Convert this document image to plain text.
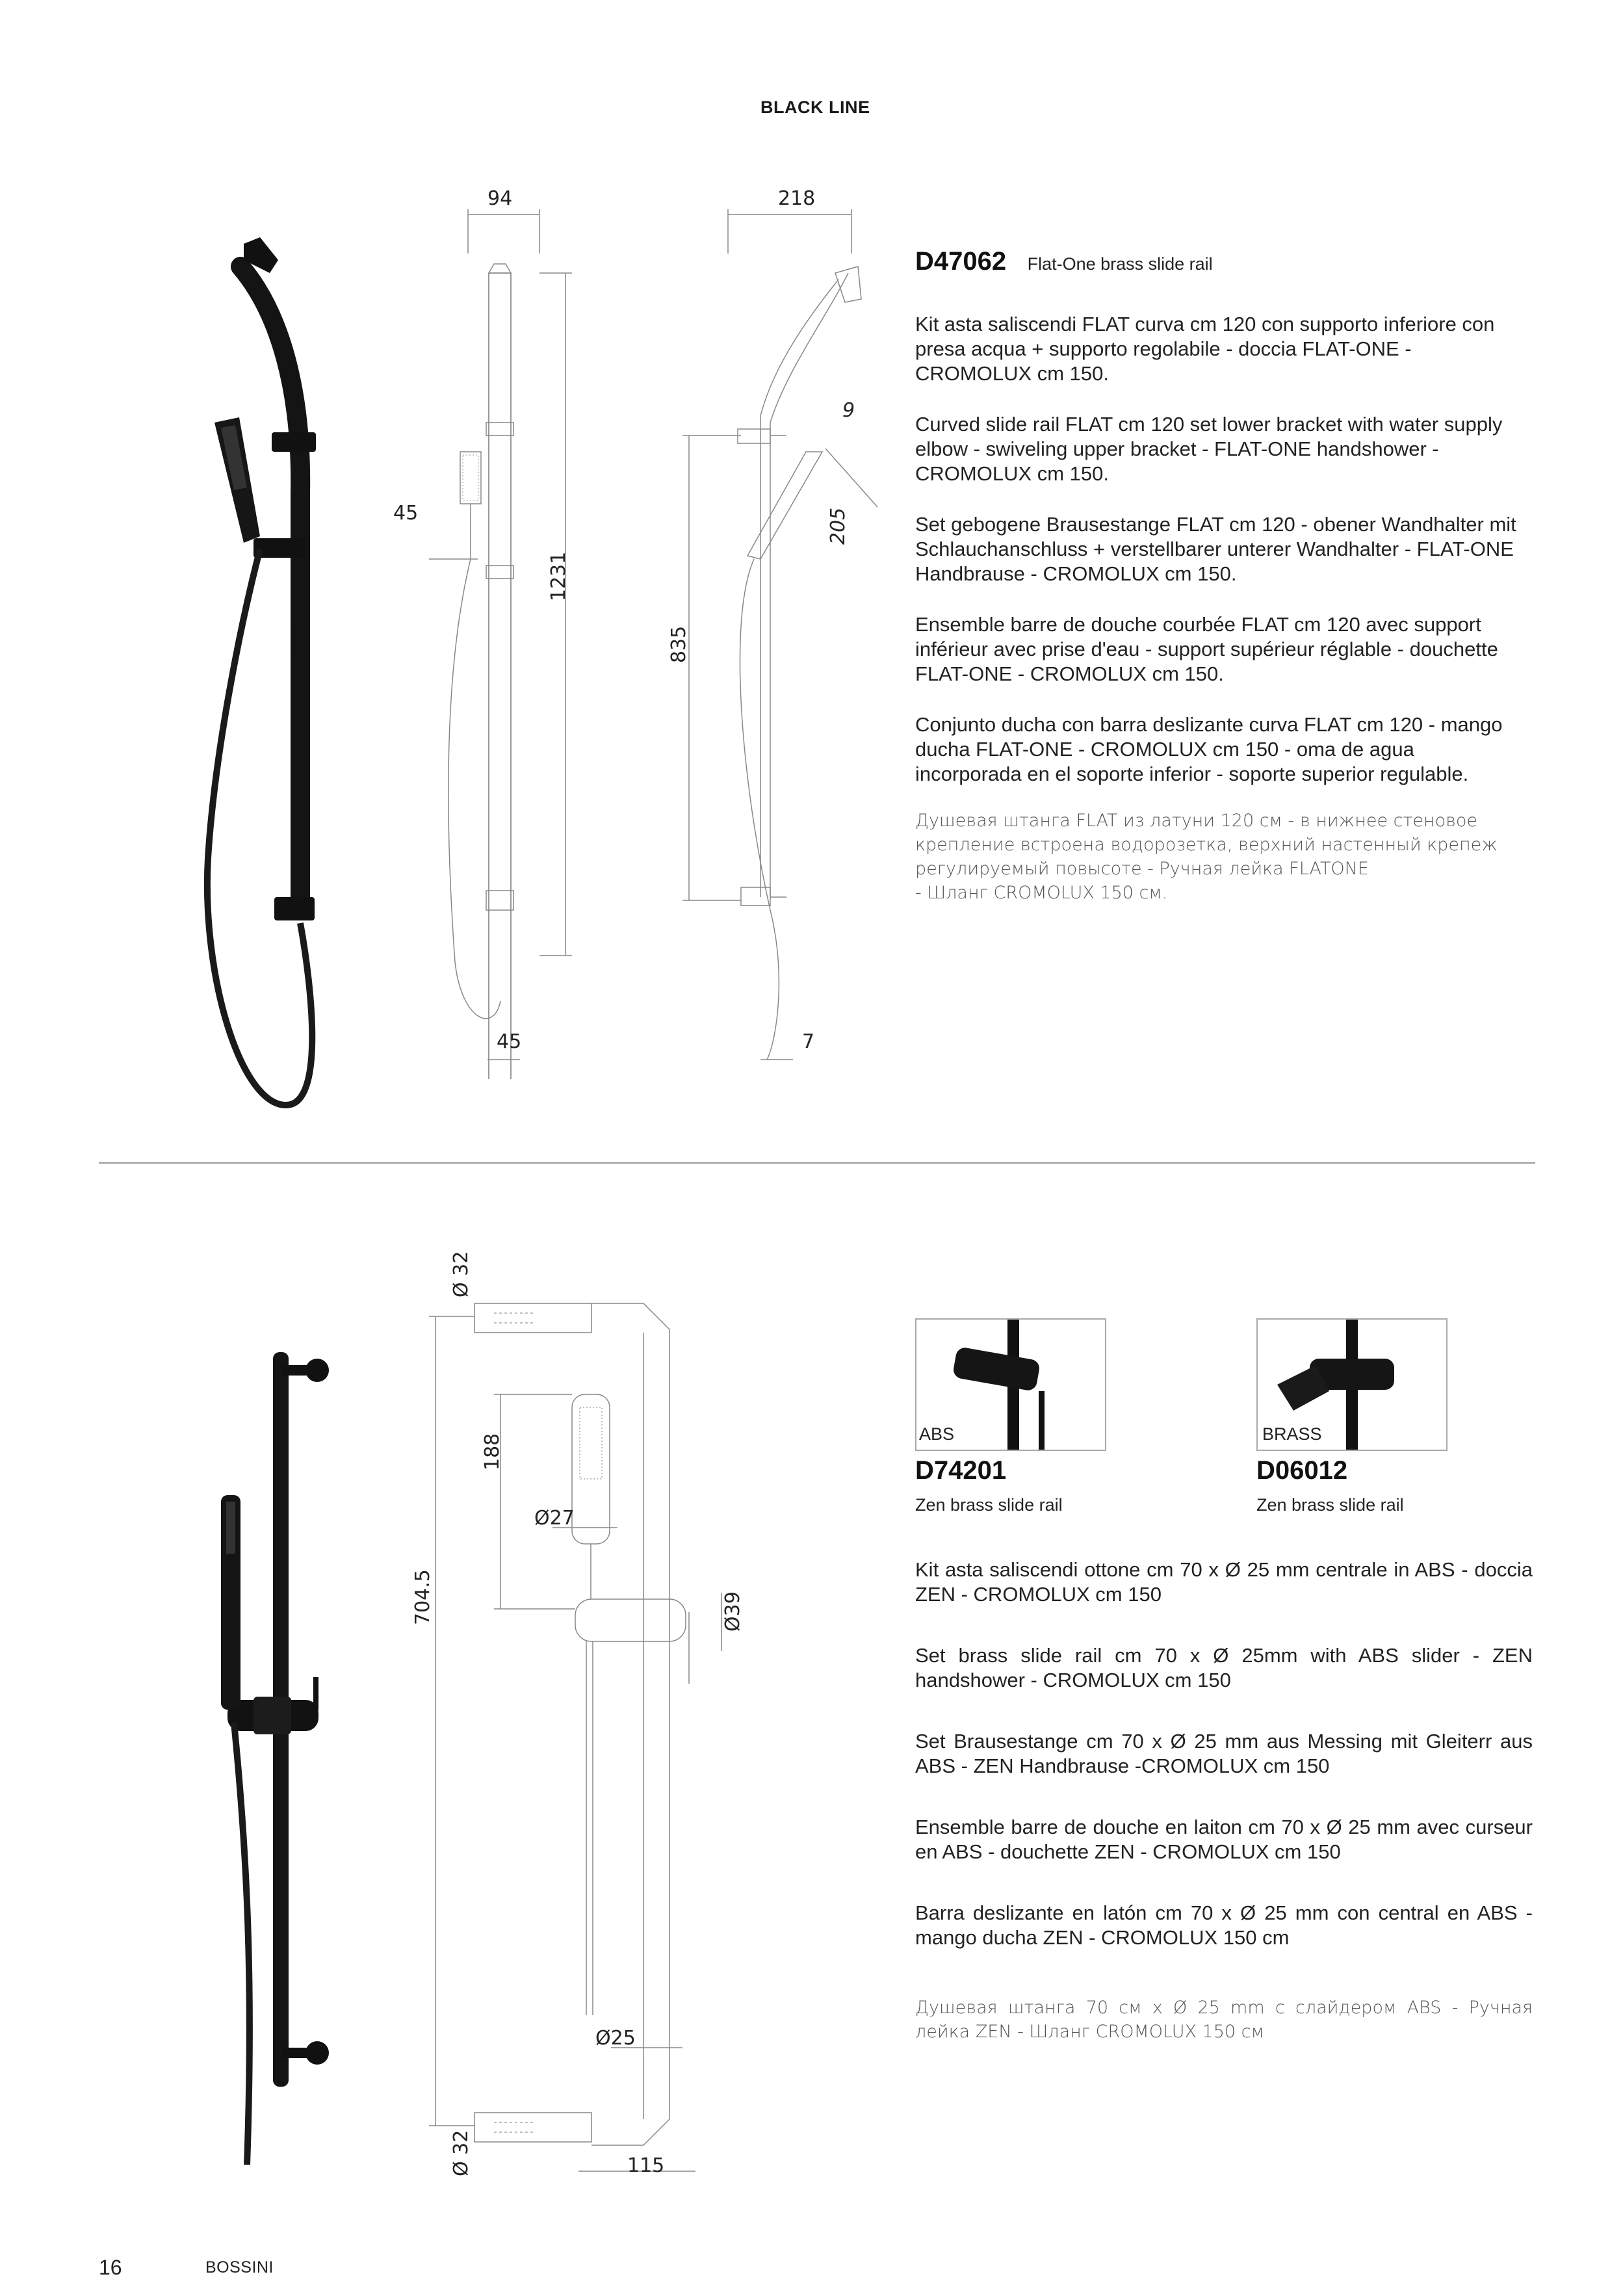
BLACK LINE
94
45
1231
45
218
9
205
835
7
D47062 Flat-One brass slide rail
Kit asta saliscendi FLAT curva cm 120 con supporto inferiore con presa acqua + supporto regolabile - doccia FLAT-ONE - CROMOLUX cm 150.
Curved slide rail FLAT cm 120 set lower bracket with water supply elbow - swiveling upper bracket - FLAT-ONE handshower - CROMOLUX cm 150.
Set gebogene Brausestange FLAT cm 120 - obener Wandhalter mit Schlauchanschluss + verstellbarer unterer Wandhalter - FLAT-ONE Handbrause - CROMOLUX cm 150.
Ensemble barre de douche courbée FLAT cm 120 avec support inférieur avec prise d'eau - support supérieur réglable - douchette FLAT-ONE - CROMOLUX cm 150.
Conjunto ducha con barra deslizante curva FLAT cm 120 - mango ducha FLAT-ONE - CROMOLUX cm 150 - oma de agua incorporada en el soporte inferior - soporte superior regulable.
Душевая штанга FLAT из латуни 120 см - в нижнее стеновое
крепление встроена водорозетка, верхний настенный крепеж
регулируемый повысоте - Ручная лейка FLATONE
- Шланг CROMOLUX 150 см.
Ø 32
704.5
188
Ø27
Ø39
Ø25
Ø 32	115
ABS	BRASS
D74201	D06012
Zen brass slide rail	Zen brass slide rail
Kit asta saliscendi ottone cm 70 x Ø 25 mm centrale in ABS - doccia ZEN - CROMOLUX cm 150
Set brass slide rail cm 70 x Ø 25mm with ABS slider - ZEN handshower - CROMOLUX cm 150
Set Brausestange cm 70 x Ø 25 mm aus Messing mit Gleiterr aus ABS - ZEN Handbrause -CROMOLUX cm 150
Ensemble barre de douche en laiton cm 70 x Ø 25 mm avec curseur en ABS - douchette ZEN - CROMOLUX cm 150
Barra deslizante en latón cm 70 x Ø 25 mm con central en ABS - mango ducha ZEN - CROMOLUX 150 cm
Душевая штанга 70 см х Ø 25 mm с слайдером ABS - Ручная лейка ZEN - Шланг CROMOLUX 150 см
16	BOSSINI
